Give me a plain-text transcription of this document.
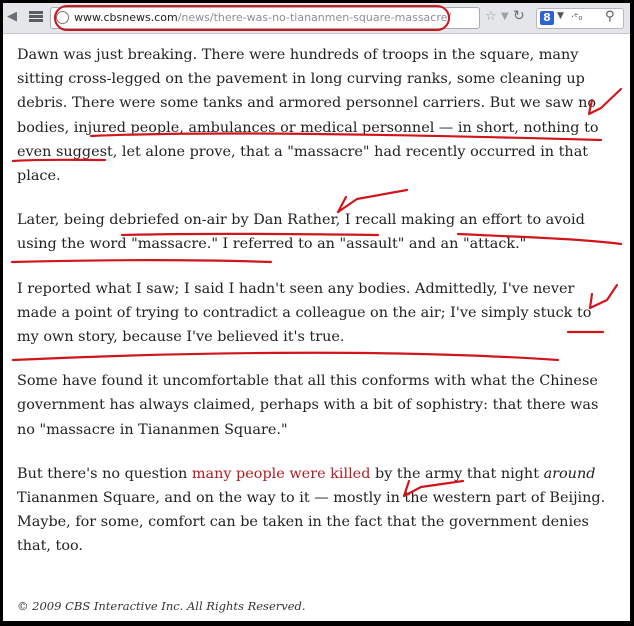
◀	www.cbsnews.com/news/there-was-no-tiananmen-square-massacre/	☆ ▼ ↻ 8 ▼ ·ᵉ₀ ⚲

Dawn was just breaking. There were hundreds of troops in the square, many sitting cross-legged on the pavement in long curving ranks, some cleaning up debris. There were some tanks and armored personnel carriers. But we saw no bodies, injured people, ambulances or medical personnel — in short, nothing to even suggest, let alone prove, that a "massacre" had recently occurred in that place.

Later, being debriefed on-air by Dan Rather, I recall making an effort to avoid using the word "massacre." I referred to an "assault" and an "attack."

I reported what I saw; I said I hadn't seen any bodies. Admittedly, I've never made a point of trying to contradict a colleague on the air; I've simply stuck to my own story, because I've believed it's true.

Some have found it uncomfortable that all this conforms with what the Chinese government has always claimed, perhaps with a bit of sophistry: that there was no "massacre in Tiananmen Square."

But there's no question many people were killed by the army that night around Tiananmen Square, and on the way to it — mostly in the western part of Beijing. Maybe, for some, comfort can be taken in the fact that the government denies that, too.

© 2009 CBS Interactive Inc. All Rights Reserved.
